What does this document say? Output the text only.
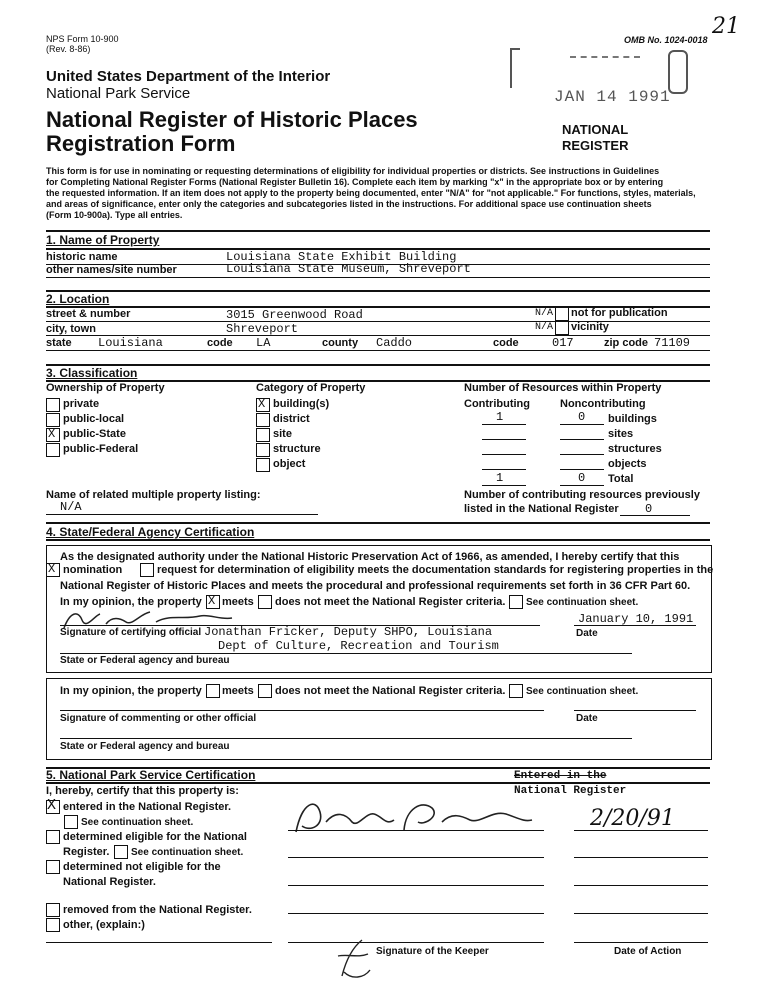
NPS Form 10-900
(Rev. 8-86)
OMB No. 1024-0018
21
JAN 14 1991
NATIONAL
REGISTER
United States Department of the Interior
National Park Service
National Register of Historic Places
Registration Form
This form is for use in nominating or requesting determinations of eligibility for individual properties or districts. See instructions in Guidelines
for Completing National Register Forms (National Register Bulletin 16). Complete each item by marking "x" in the appropriate box or by entering
the requested information. If an item does not apply to the property being documented, enter "N/A" for "not applicable." For functions, styles, materials,
and areas of significance, enter only the categories and subcategories listed in the instructions. For additional space use continuation sheets
(Form 10-900a). Type all entries.
1. Name of Property
historic name	Louisiana State Exhibit Building
other names/site number	Louisiana State Museum, Shreveport
2. Location
street & number	3015 Greenwood Road	N/A not for publication
city, town	Shreveport	N/A vicinity
state Louisiana	code LA	county Caddo	code	017	zip code 71109
3. Classification
Ownership of Property
private
public-local
X public-State
public-Federal
Category of Property
X building(s)
district
site
structure
object
Number of Resources within Property
Contributing	Noncontributing
1	0 buildings
sites
structures
objects
1	0 Total
Name of related multiple property listing:
N/A
Number of contributing resources previously
listed in the National Register 0
4. State/Federal Agency Certification
As the designated authority under the National Historic Preservation Act of 1966, as amended, I hereby certify that this
X nomination	request for determination of eligibility meets the documentation standards for registering properties in the
National Register of Historic Places and meets the procedural and professional requirements set forth in 36 CFR Part 60.
In my opinion, the property X meets does not meet the National Register criteria. See continuation sheet.
January 10, 1991
Signature of certifying official Jonathan Fricker, Deputy SHPO, Louisiana	Date
Dept of Culture, Recreation and Tourism
State or Federal agency and bureau
In my opinion, the property meets does not meet the National Register criteria. See continuation sheet.
Signature of commenting or other official	Date
State or Federal agency and bureau
5. National Park Service Certification
I, hereby, certify that this property is:
X entered in the National Register.
See continuation sheet.
determined eligible for the National
Register. See continuation sheet.
determined not eligible for the
National Register.
removed from the National Register.
other, (explain:)
Entered in the
National Register
2/20/91
Signature of the Keeper	Date of Action
